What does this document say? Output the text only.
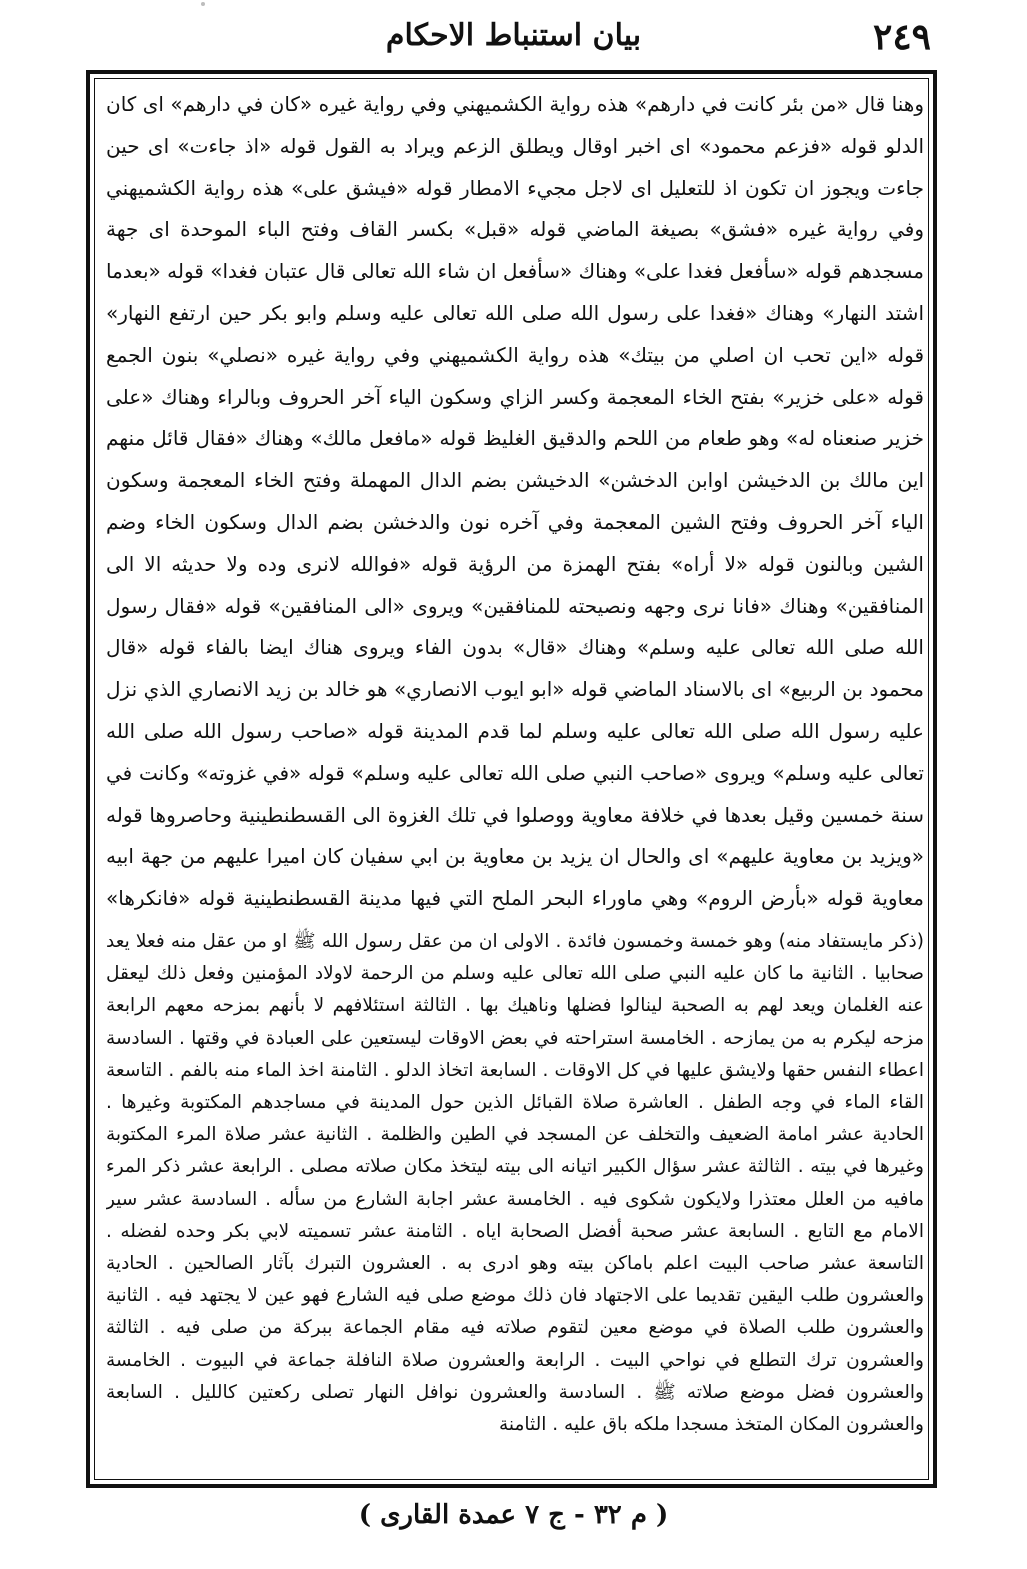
٢٤٩
بيان استنباط الاحكام
وهنا قال «من بئر كانت في دارهم» هذه رواية الكشميهني وفي رواية غيره «كان في دارهم» اى كان الدلو قوله «فزعم محمود» اى اخبر اوقال ويطلق الزعم ويراد به القول قوله «اذ جاءت» اى حين جاءت ويجوز ان تكون اذ للتعليل اى لاجل مجيء الامطار قوله «فيشق على» هذه رواية الكشميهني وفي رواية غيره «فشق» بصيغة الماضي قوله «قبل» بكسر القاف وفتح الباء الموحدة اى جهة مسجدهم قوله «سأفعل فغدا على» وهناك «سأفعل ان شاء الله تعالى قال عتبان فغدا» قوله «بعدما اشتد النهار» وهناك «فغدا على رسول الله صلى الله تعالى عليه وسلم وابو بكر حين ارتفع النهار» قوله «اين تحب ان اصلي من بيتك» هذه رواية الكشميهني وفي رواية غيره «نصلي» بنون الجمع قوله «على خزير» بفتح الخاء المعجمة وكسر الزاي وسكون الياء آخر الحروف وبالراء وهناك «على خزير صنعناه له» وهو طعام من اللحم والدقيق الغليظ قوله «مافعل مالك» وهناك «فقال قائل منهم اين مالك بن الدخيشن اوابن الدخشن» الدخيشن بضم الدال المهملة وفتح الخاء المعجمة وسكون الياء آخر الحروف وفتح الشين المعجمة وفي آخره نون والدخشن بضم الدال وسكون الخاء وضم الشين وبالنون قوله «لا أراه» بفتح الهمزة من الرؤية قوله «فوالله لانرى وده ولا حديثه الا الى المنافقين» وهناك «فانا نرى وجهه ونصيحته للمنافقين» ويروى «الى المنافقين» قوله «فقال رسول الله صلى الله تعالى عليه وسلم» وهناك «قال» بدون الفاء ويروى هناك ايضا بالفاء قوله «قال محمود بن الربيع» اى بالاسناد الماضي قوله «ابو ايوب الانصاري» هو خالد بن زيد الانصاري الذي نزل عليه رسول الله صلى الله تعالى عليه وسلم لما قدم المدينة قوله «صاحب رسول الله صلى الله تعالى عليه وسلم» ويروى «صاحب النبي صلى الله تعالى عليه وسلم» قوله «في غزوته» وكانت في سنة خمسين وقيل بعدها في خلافة معاوية ووصلوا في تلك الغزوة الى القسطنطينية وحاصروها قوله «ويزيد بن معاوية عليهم» اى والحال ان يزيد بن معاوية بن ابي سفيان كان اميرا عليهم من جهة ابيه معاوية قوله «بأرض الروم» وهي ماوراء البحر الملح التي فيها مدينة القسطنطينية قوله «فانكرها»
(ذكر مايستفاد منه) وهو خمسة وخمسون فائدة . الاولى ان من عقل رسول الله ﷺ او من عقل منه فعلا يعد صحابيا . الثانية ما كان عليه النبي صلى الله تعالى عليه وسلم من الرحمة لاولاد المؤمنين وفعل ذلك ليعقل عنه الغلمان ويعد لهم به الصحبة لينالوا فضلها وناهيك بها . الثالثة استئلافهم لا بأنهم بمزحه معهم الرابعة مزحه ليكرم به من يمازحه . الخامسة استراحته في بعض الاوقات ليستعين على العبادة في وقتها . السادسة اعطاء النفس حقها ولايشق عليها في كل الاوقات . السابعة اتخاذ الدلو . الثامنة اخذ الماء منه بالفم . التاسعة القاء الماء في وجه الطفل . العاشرة صلاة القبائل الذين حول المدينة في مساجدهم المكتوبة وغيرها . الحادية عشر امامة الضعيف والتخلف عن المسجد في الطين والظلمة . الثانية عشر صلاة المرء المكتوبة وغيرها في بيته . الثالثة عشر سؤال الكبير اتيانه الى بيته ليتخذ مكان صلاته مصلى . الرابعة عشر ذكر المرء مافيه من العلل معتذرا ولايكون شكوى فيه . الخامسة عشر اجابة الشارع من سأله . السادسة عشر سير الامام مع التابع . السابعة عشر صحبة أفضل الصحابة اياه . الثامنة عشر تسميته لابي بكر وحده لفضله . التاسعة عشر صاحب البيت اعلم باماكن بيته وهو ادرى به . العشرون التبرك بآثار الصالحين . الحادية والعشرون طلب اليقين تقديما على الاجتهاد فان ذلك موضع صلى فيه الشارع فهو عين لا يجتهد فيه . الثانية والعشرون طلب الصلاة في موضع معين لتقوم صلاته فيه مقام الجماعة ببركة من صلى فيه . الثالثة والعشرون ترك التطلع في نواحي البيت . الرابعة والعشرون صلاة النافلة جماعة في البيوت . الخامسة والعشرون فضل موضع صلاته ﷺ . السادسة والعشرون نوافل النهار تصلى ركعتين كالليل . السابعة والعشرون المكان المتخذ مسجدا ملكه باق عليه . الثامنة
( م ٣٢ - ج ٧ عمدة القارى )
